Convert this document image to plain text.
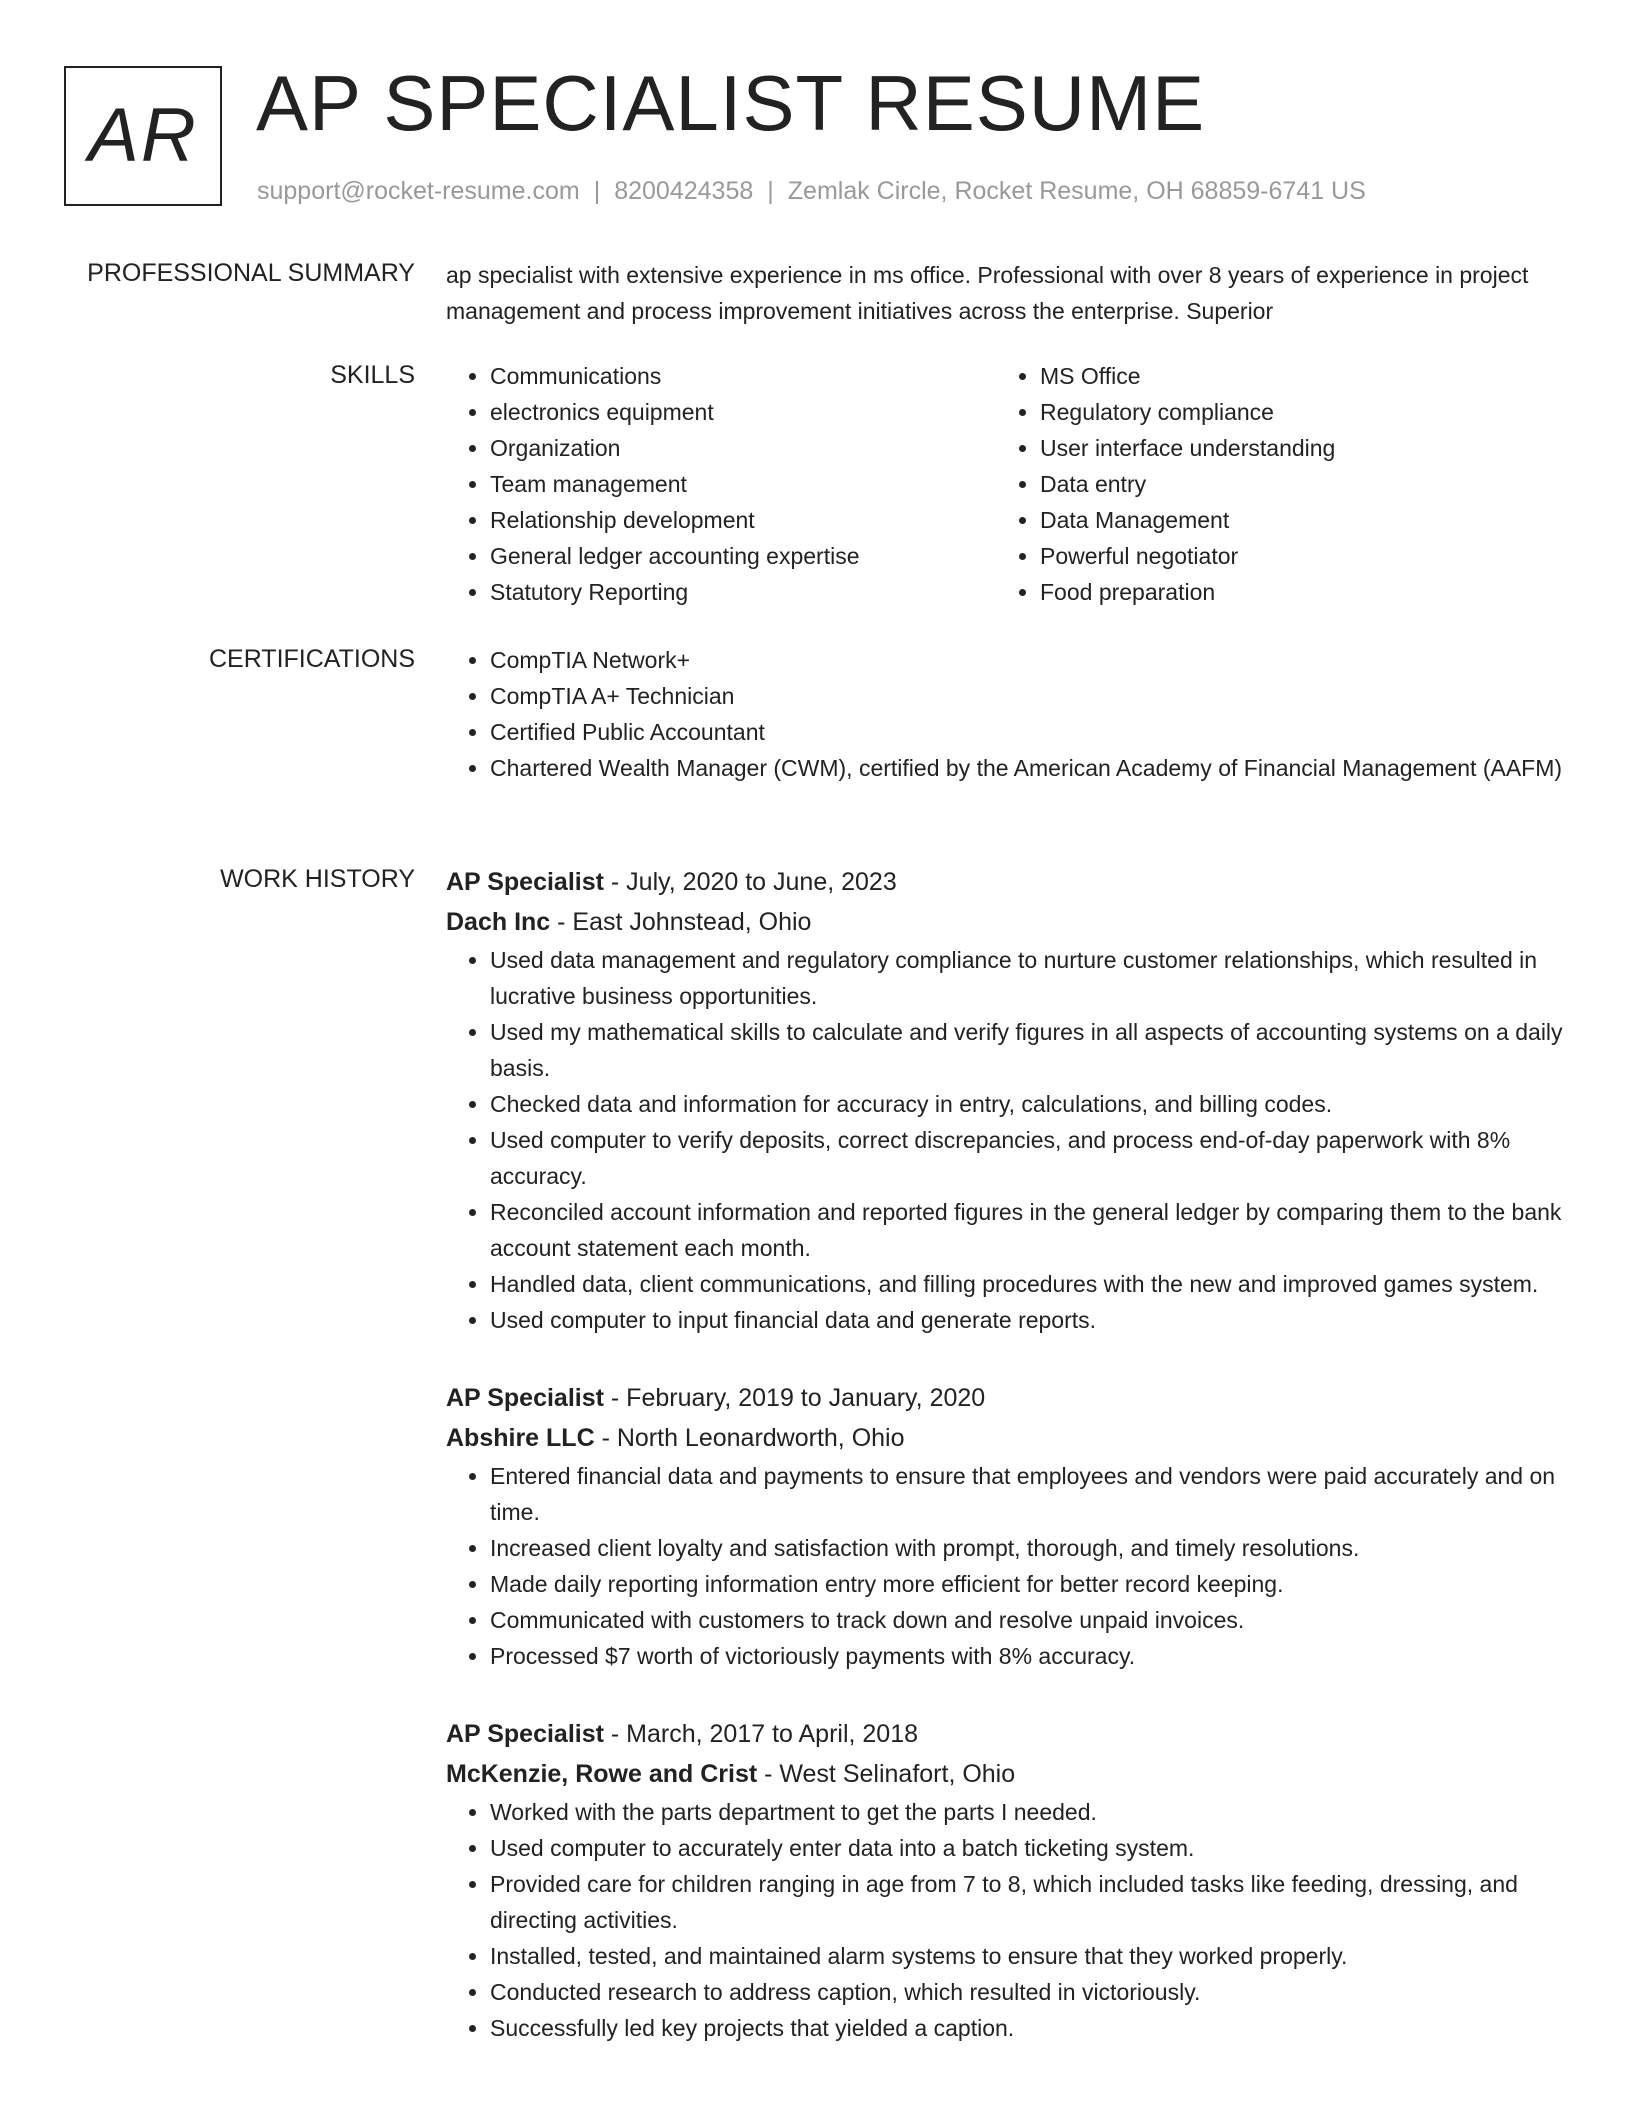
AR AP SPECIALIST RESUME
support@rocket-resume.com | 8200424358 | Zemlak Circle, Rocket Resume, OH 68859-6741 US
PROFESSIONAL SUMMARY ap specialist with extensive experience in ms office. Professional with over 8 years of experience in project management and process improvement initiatives across the enterprise. Superior

SKILLS	• Communications
• electronics equipment
• Organization
• Team management
• Relationship development
• General ledger accounting expertise
• Statutory Reporting
• MS Office
• Regulatory compliance
• User interface understanding
• Data entry
• Data Management
• Powerful negotiator
• Food preparation
CERTIFICATIONS	• CompTIA Network+
• CompTIA A+ Technician
• Certified Public Accountant
• Chartered Wealth Manager (CWM), certified by the American Academy of Financial Management (AAFM)
WORK HISTORY AP Specialist - July, 2020 to June, 2023
Dach Inc - East Johnstead, Ohio
• Used data management and regulatory compliance to nurture customer relationships, which resulted in lucrative business opportunities.
• Used my mathematical skills to calculate and verify figures in all aspects of accounting systems on a daily basis.
• Checked data and information for accuracy in entry, calculations, and billing codes.
• Used computer to verify deposits, correct discrepancies, and process end-of-day paperwork with 8% accuracy.
• Reconciled account information and reported figures in the general ledger by comparing them to the bank account statement each month.
• Handled data, client communications, and filling procedures with the new and improved games system.
• Used computer to input financial data and generate reports.
AP Specialist - February, 2019 to January, 2020
Abshire LLC - North Leonardworth, Ohio
• Entered financial data and payments to ensure that employees and vendors were paid accurately and on time.
• Increased client loyalty and satisfaction with prompt, thorough, and timely resolutions.
• Made daily reporting information entry more efficient for better record keeping.
• Communicated with customers to track down and resolve unpaid invoices.
• Processed $7 worth of victoriously payments with 8% accuracy.
AP Specialist - March, 2017 to April, 2018
McKenzie, Rowe and Crist - West Selinafort, Ohio
• Worked with the parts department to get the parts I needed.
• Used computer to accurately enter data into a batch ticketing system.
• Provided care for children ranging in age from 7 to 8, which included tasks like feeding, dressing, and directing activities.
• Installed, tested, and maintained alarm systems to ensure that they worked properly.
• Conducted research to address caption, which resulted in victoriously.
• Successfully led key projects that yielded a caption.
